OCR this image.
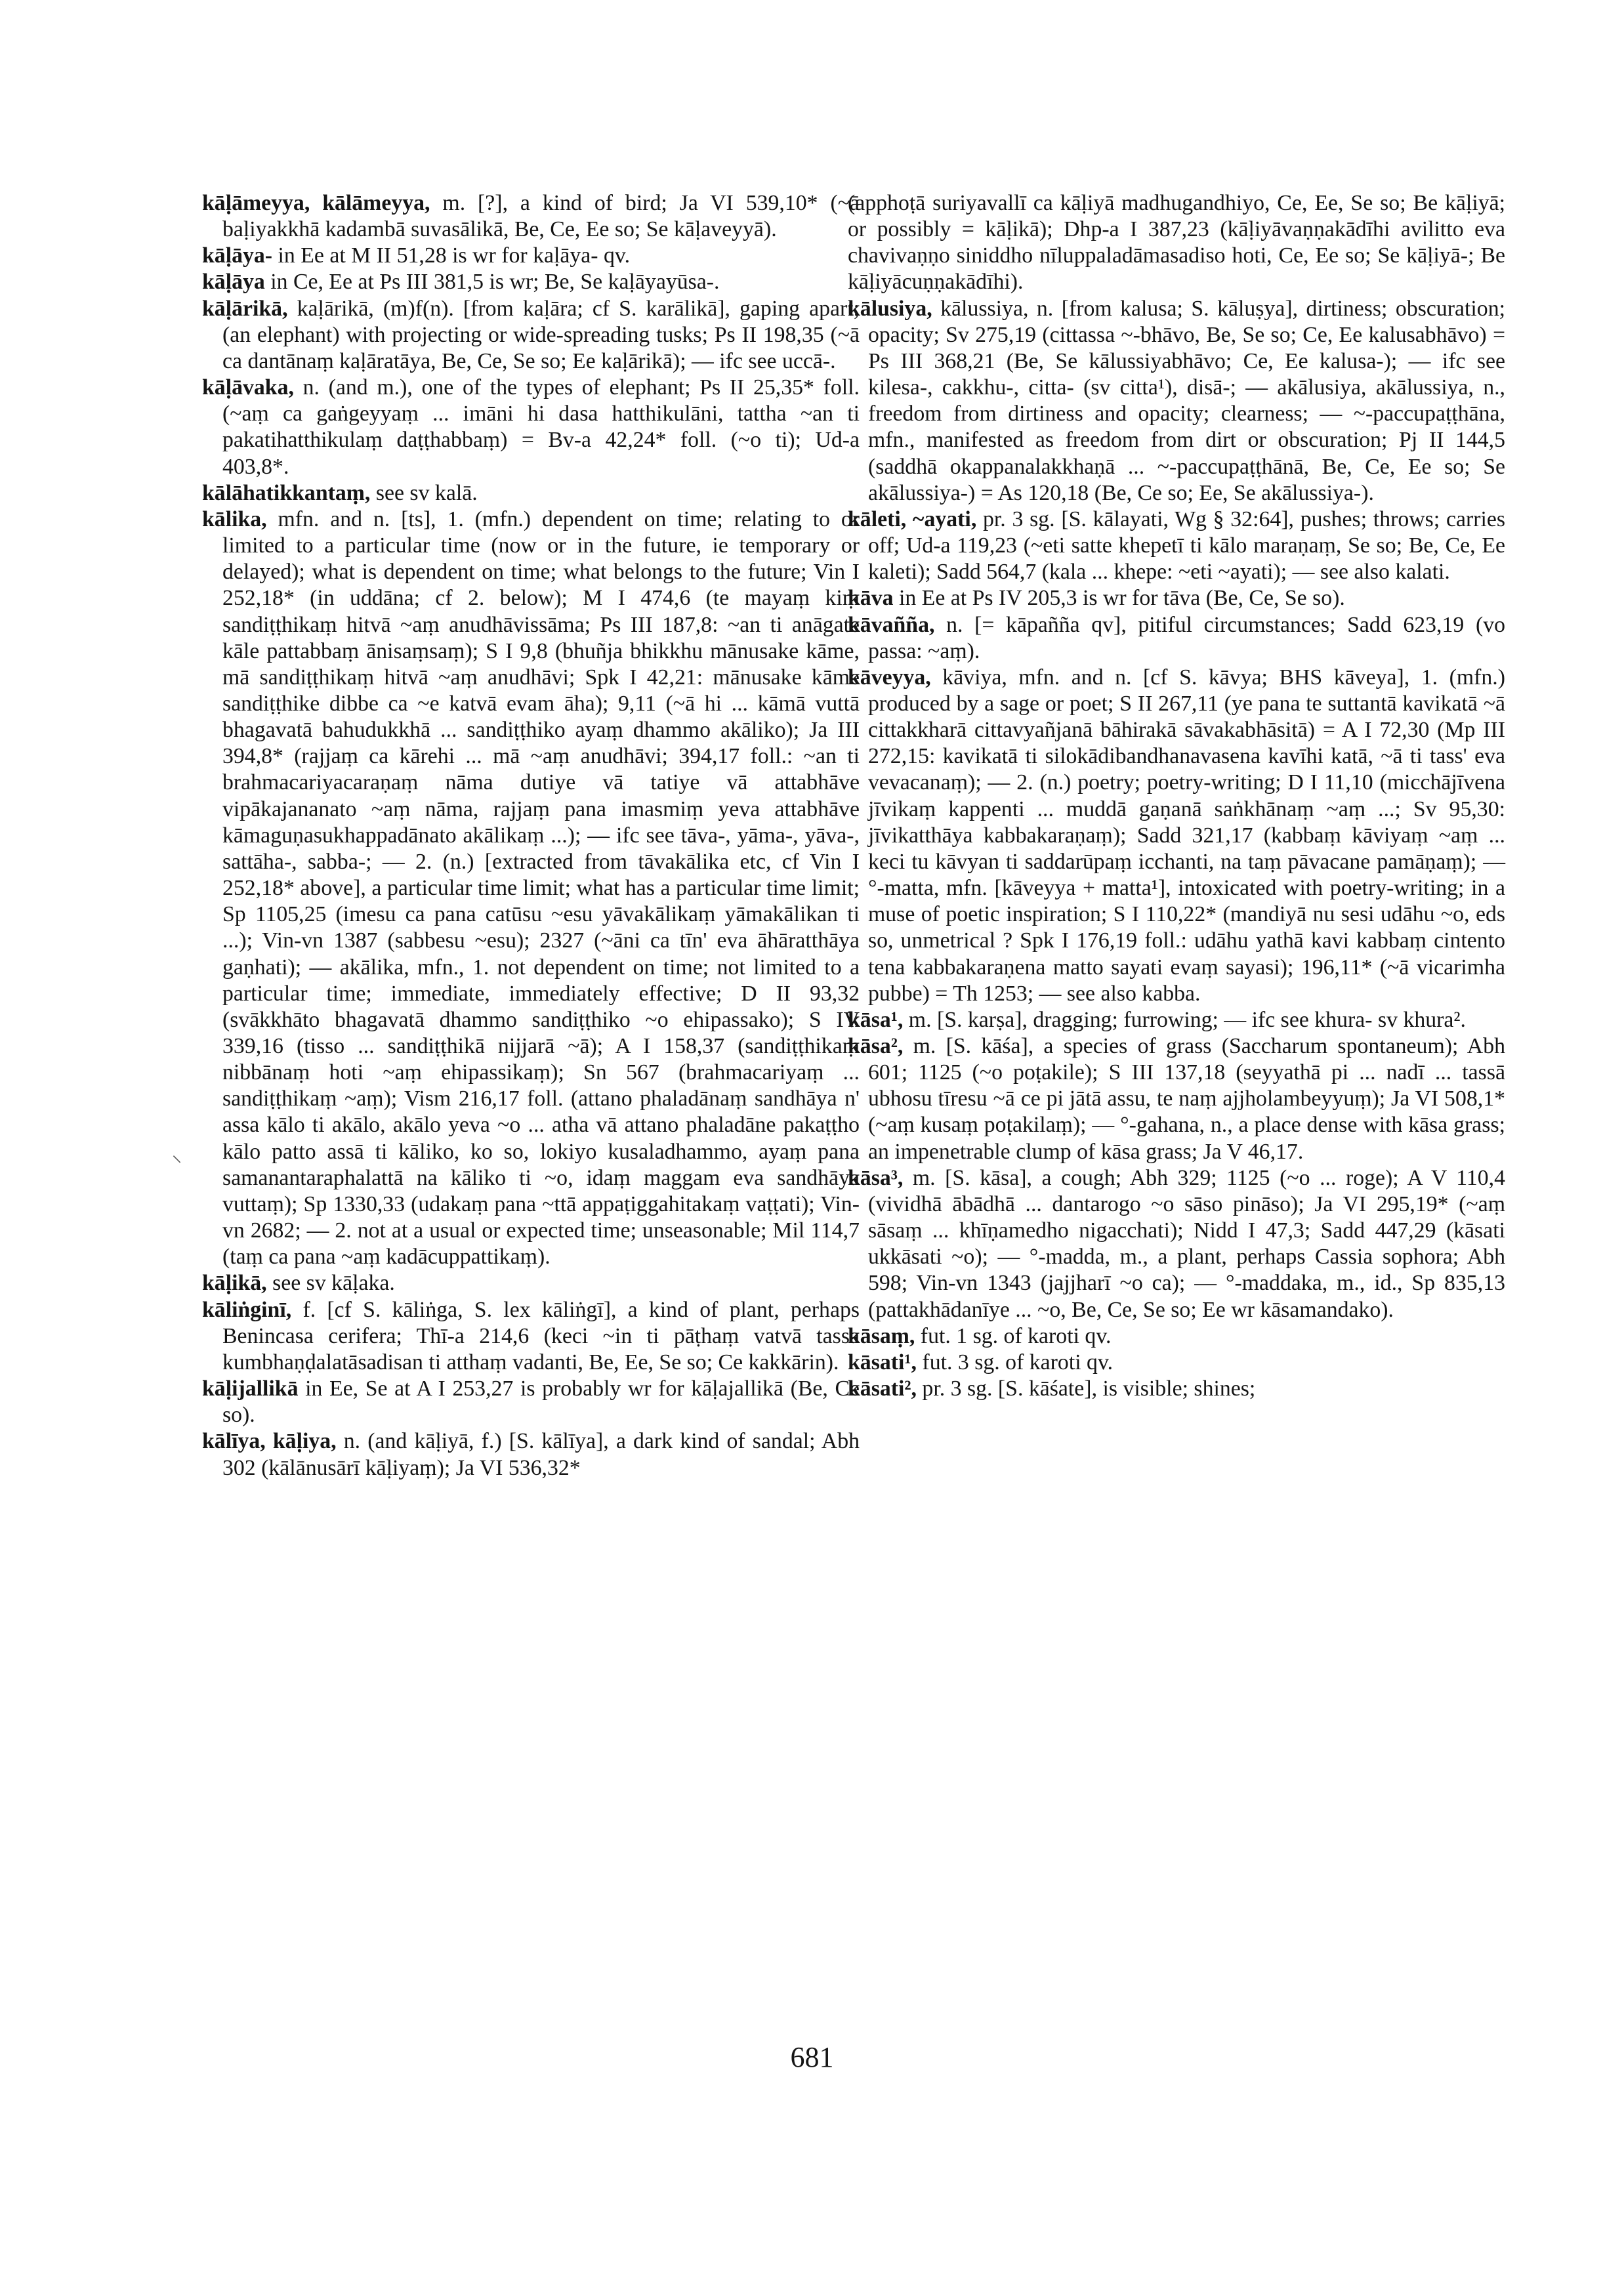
kāḷāmeyya, kālāmeyya, m. [?], a kind of bird; Ja VI 539,10* (~ā baḷiyakkhā kadambā suvasālikā, Be, Ce, Ee so; Se kāḷaveyyā).

kāḷāya- in Ee at M II 51,28 is wr for kaḷāya- qv.

kāḷāya in Ce, Ee at Ps III 381,5 is wr; Be, Se kaḷāyayūsa-.

kāḷārikā, kaḷārikā, (m)f(n). [from kaḷāra; cf S. karālikā], gaping apart; (an elephant) with projecting or wide-spreading tusks; Ps II 198,35 (~ā ca dantānaṃ kaḷāratāya, Be, Ce, Se so; Ee kaḷārikā); — ifc see uccā-.

kāḷāvaka, n. (and m.), one of the types of elephant; Ps II 25,35* foll. (~aṃ ca gaṅgeyyaṃ ... imāni hi dasa hatthikulāni, tattha ~an ti pakatihatthikulaṃ daṭṭhabbaṃ) = Bv-a 42,24* foll. (~o ti); Ud-a 403,8*.

kālāhatikkantaṃ, see sv kalā.

kālika, mfn. and n. [ts], 1. (mfn.) dependent on time; relating to or limited to a particular time (now or in the future, ie temporary or delayed); what is dependent on time; what belongs to the future; Vin I 252,18* (in uddāna; cf 2. below); M I 474,6 (te mayaṃ kiṃ sandiṭṭhikaṃ hitvā ~aṃ anudhāvissāma; Ps III 187,8: ~an ti anāgate kāle pattabbaṃ ānisaṃsaṃ); S I 9,8 (bhuñja bhikkhu mānusake kāme, mā sandiṭṭhikaṃ hitvā ~aṃ anudhāvi; Spk I 42,21: mānusake kāme sandiṭṭhike dibbe ca ~e katvā evam āha); 9,11 (~ā hi ... kāmā vuttā bhagavatā bahudukkhā ... sandiṭṭhiko ayaṃ dhammo akāliko); Ja III 394,8* (rajjaṃ ca kārehi ... mā ~aṃ anudhāvi; 394,17 foll.: ~an ti brahmacariyacaraṇaṃ nāma dutiye vā tatiye vā attabhāve vipākajananato ~aṃ nāma, rajjaṃ pana imasmiṃ yeva attabhāve kāmaguṇasukhappadānato akālikaṃ ...); — ifc see tāva-, yāma-, yāva-, sattāha-, sabba-; — 2. (n.) [extracted from tāvakālika etc, cf Vin I 252,18* above], a particular time limit; what has a particular time limit; Sp 1105,25 (imesu ca pana catūsu ~esu yāvakālikaṃ yāmakālikan ti ...); Vin-vn 1387 (sabbesu ~esu); 2327 (~āni ca tīn' eva āhāratthāya gaṇhati); — akālika, mfn., 1. not dependent on time; not limited to a particular time; immediate, immediately effective; D II 93,32 (svākkhāto bhagavatā dhammo sandiṭṭhiko ~o ehipassako); S IV 339,16 (tisso ... sandiṭṭhikā nijjarā ~ā); A I 158,37 (sandiṭṭhikaṃ nibbānaṃ hoti ~aṃ ehipassikaṃ); Sn 567 (brahmacariyaṃ ... sandiṭṭhikaṃ ~aṃ); Vism 216,17 foll. (attano phaladānaṃ sandhāya n' assa kālo ti akālo, akālo yeva ~o ... atha vā attano phaladāne pakaṭṭho kālo patto assā ti kāliko, ko so, lokiyo kusaladhammo, ayaṃ pana samanantaraphalattā na kāliko ti ~o, idaṃ maggam eva sandhāya vuttaṃ); Sp 1330,33 (udakaṃ pana ~ttā appaṭiggahitakaṃ vaṭṭati); Vin-vn 2682; — 2. not at a usual or expected time; unseasonable; Mil 114,7 (taṃ ca pana ~aṃ kadācuppattikaṃ).

kāḷikā, see sv kāḷaka.

kāliṅginī, f. [cf S. kāliṅga, S. lex kāliṅgī], a kind of plant, perhaps Benincasa cerifera; Thī-a 214,6 (keci ~in ti pāṭhaṃ vatvā tassa kumbhaṇḍalatāsadisan ti atthaṃ vadanti, Be, Ee, Se so; Ce kakkārin).

kāḷijallikā in Ee, Se at A I 253,27 is probably wr for kāḷajallikā (Be, Ce so).

kālīya, kāḷiya, n. (and kāḷiyā, f.) [S. kālīya], a dark kind of sandal; Abh 302 (kālānusārī kāḷiyaṃ); Ja VI 536,32*

(apphoṭā suriyavallī ca kāḷiyā madhugandhiyo, Ce, Ee, Se so; Be kāḷiyā; or possibly = kāḷikā); Dhp-a I 387,23 (kāḷiyāvaṇṇakādīhi avilitto eva chavivaṇṇo siniddho nīluppaladāmasadiso hoti, Ce, Ee so; Se kāḷiyā-; Be kāḷiyācuṇṇakādīhi).

kālusiya, kālussiya, n. [from kalusa; S. kāluṣya], dirtiness; obscuration; opacity; Sv 275,19 (cittassa ~-bhāvo, Be, Se so; Ce, Ee kalusabhāvo) = Ps III 368,21 (Be, Se kālussiyabhāvo; Ce, Ee kalusa-); — ifc see kilesa-, cakkhu-, citta- (sv citta¹), disā-; — akālusiya, akālussiya, n., freedom from dirtiness and opacity; clearness; — ~-paccupaṭṭhāna, mfn., manifested as freedom from dirt or obscuration; Pj II 144,5 (saddhā okappanalakkhaṇā ... ~-paccupaṭṭhānā, Be, Ce, Ee so; Se akālussiya-) = As 120,18 (Be, Ce so; Ee, Se akālussiya-).

kāleti, ~ayati, pr. 3 sg. [S. kālayati, Wg § 32:64], pushes; throws; carries off; Ud-a 119,23 (~eti satte khepetī ti kālo maraṇaṃ, Se so; Be, Ce, Ee kaleti); Sadd 564,7 (kala ... khepe: ~eti ~ayati); — see also kalati.

kāva in Ee at Ps IV 205,3 is wr for tāva (Be, Ce, Se so).

kāvañña, n. [= kāpañña qv], pitiful circumstances; Sadd 623,19 (vo passa: ~aṃ).

kāveyya, kāviya, mfn. and n. [cf S. kāvya; BHS kāveya], 1. (mfn.) produced by a sage or poet; S II 267,11 (ye pana te suttantā kavikatā ~ā cittakkharā cittavyañjanā bāhirakā sāvakabhāsitā) = A I 72,30 (Mp III 272,15: kavikatā ti silokādibandhanavasena kavīhi katā, ~ā ti tass' eva vevacanaṃ); — 2. (n.) poetry; poetry-writing; D I 11,10 (micchājīvena jīvikaṃ kappenti ... muddā gaṇanā saṅkhānaṃ ~aṃ ...; Sv 95,30: jīvikatthāya kabbakaraṇaṃ); Sadd 321,17 (kabbaṃ kāviyaṃ ~aṃ ... keci tu kāvyan ti saddarūpaṃ icchanti, na taṃ pāvacane pamāṇaṃ); — °-matta, mfn. [kāveyya + matta¹], intoxicated with poetry-writing; in a muse of poetic inspiration; S I 110,22* (mandiyā nu sesi udāhu ~o, eds so, unmetrical ? Spk I 176,19 foll.: udāhu yathā kavi kabbaṃ cintento tena kabbakaraṇena matto sayati evaṃ sayasi); 196,11* (~ā vicarimha pubbe) = Th 1253; — see also kabba.

kāsa¹, m. [S. karṣa], dragging; furrowing; — ifc see khura- sv khura².

kāsa², m. [S. kāśa], a species of grass (Saccharum spontaneum); Abh 601; 1125 (~o poṭakile); S III 137,18 (seyyathā pi ... nadī ... tassā ubhosu tīresu ~ā ce pi jātā assu, te naṃ ajjholambeyyuṃ); Ja VI 508,1* (~aṃ kusaṃ poṭakilaṃ); — °-gahana, n., a place dense with kāsa grass; an impenetrable clump of kāsa grass; Ja V 46,17.

kāsa³, m. [S. kāsa], a cough; Abh 329; 1125 (~o ... roge); A V 110,4 (vividhā ābādhā ... dantarogo ~o sāso pināso); Ja VI 295,19* (~aṃ sāsaṃ ... khīṇamedho nigacchati); Nidd I 47,3; Sadd 447,29 (kāsati ukkāsati ~o); — °-madda, m., a plant, perhaps Cassia sophora; Abh 598; Vin-vn 1343 (jajjharī ~o ca); — °-maddaka, m., id., Sp 835,13 (pattakhādanīye ... ~o, Be, Ce, Se so; Ee wr kāsamandako).

kāsaṃ, fut. 1 sg. of karoti qv.

kāsati¹, fut. 3 sg. of karoti qv.

kāsati², pr. 3 sg. [S. kāśate], is visible; shines;

⸜
681
